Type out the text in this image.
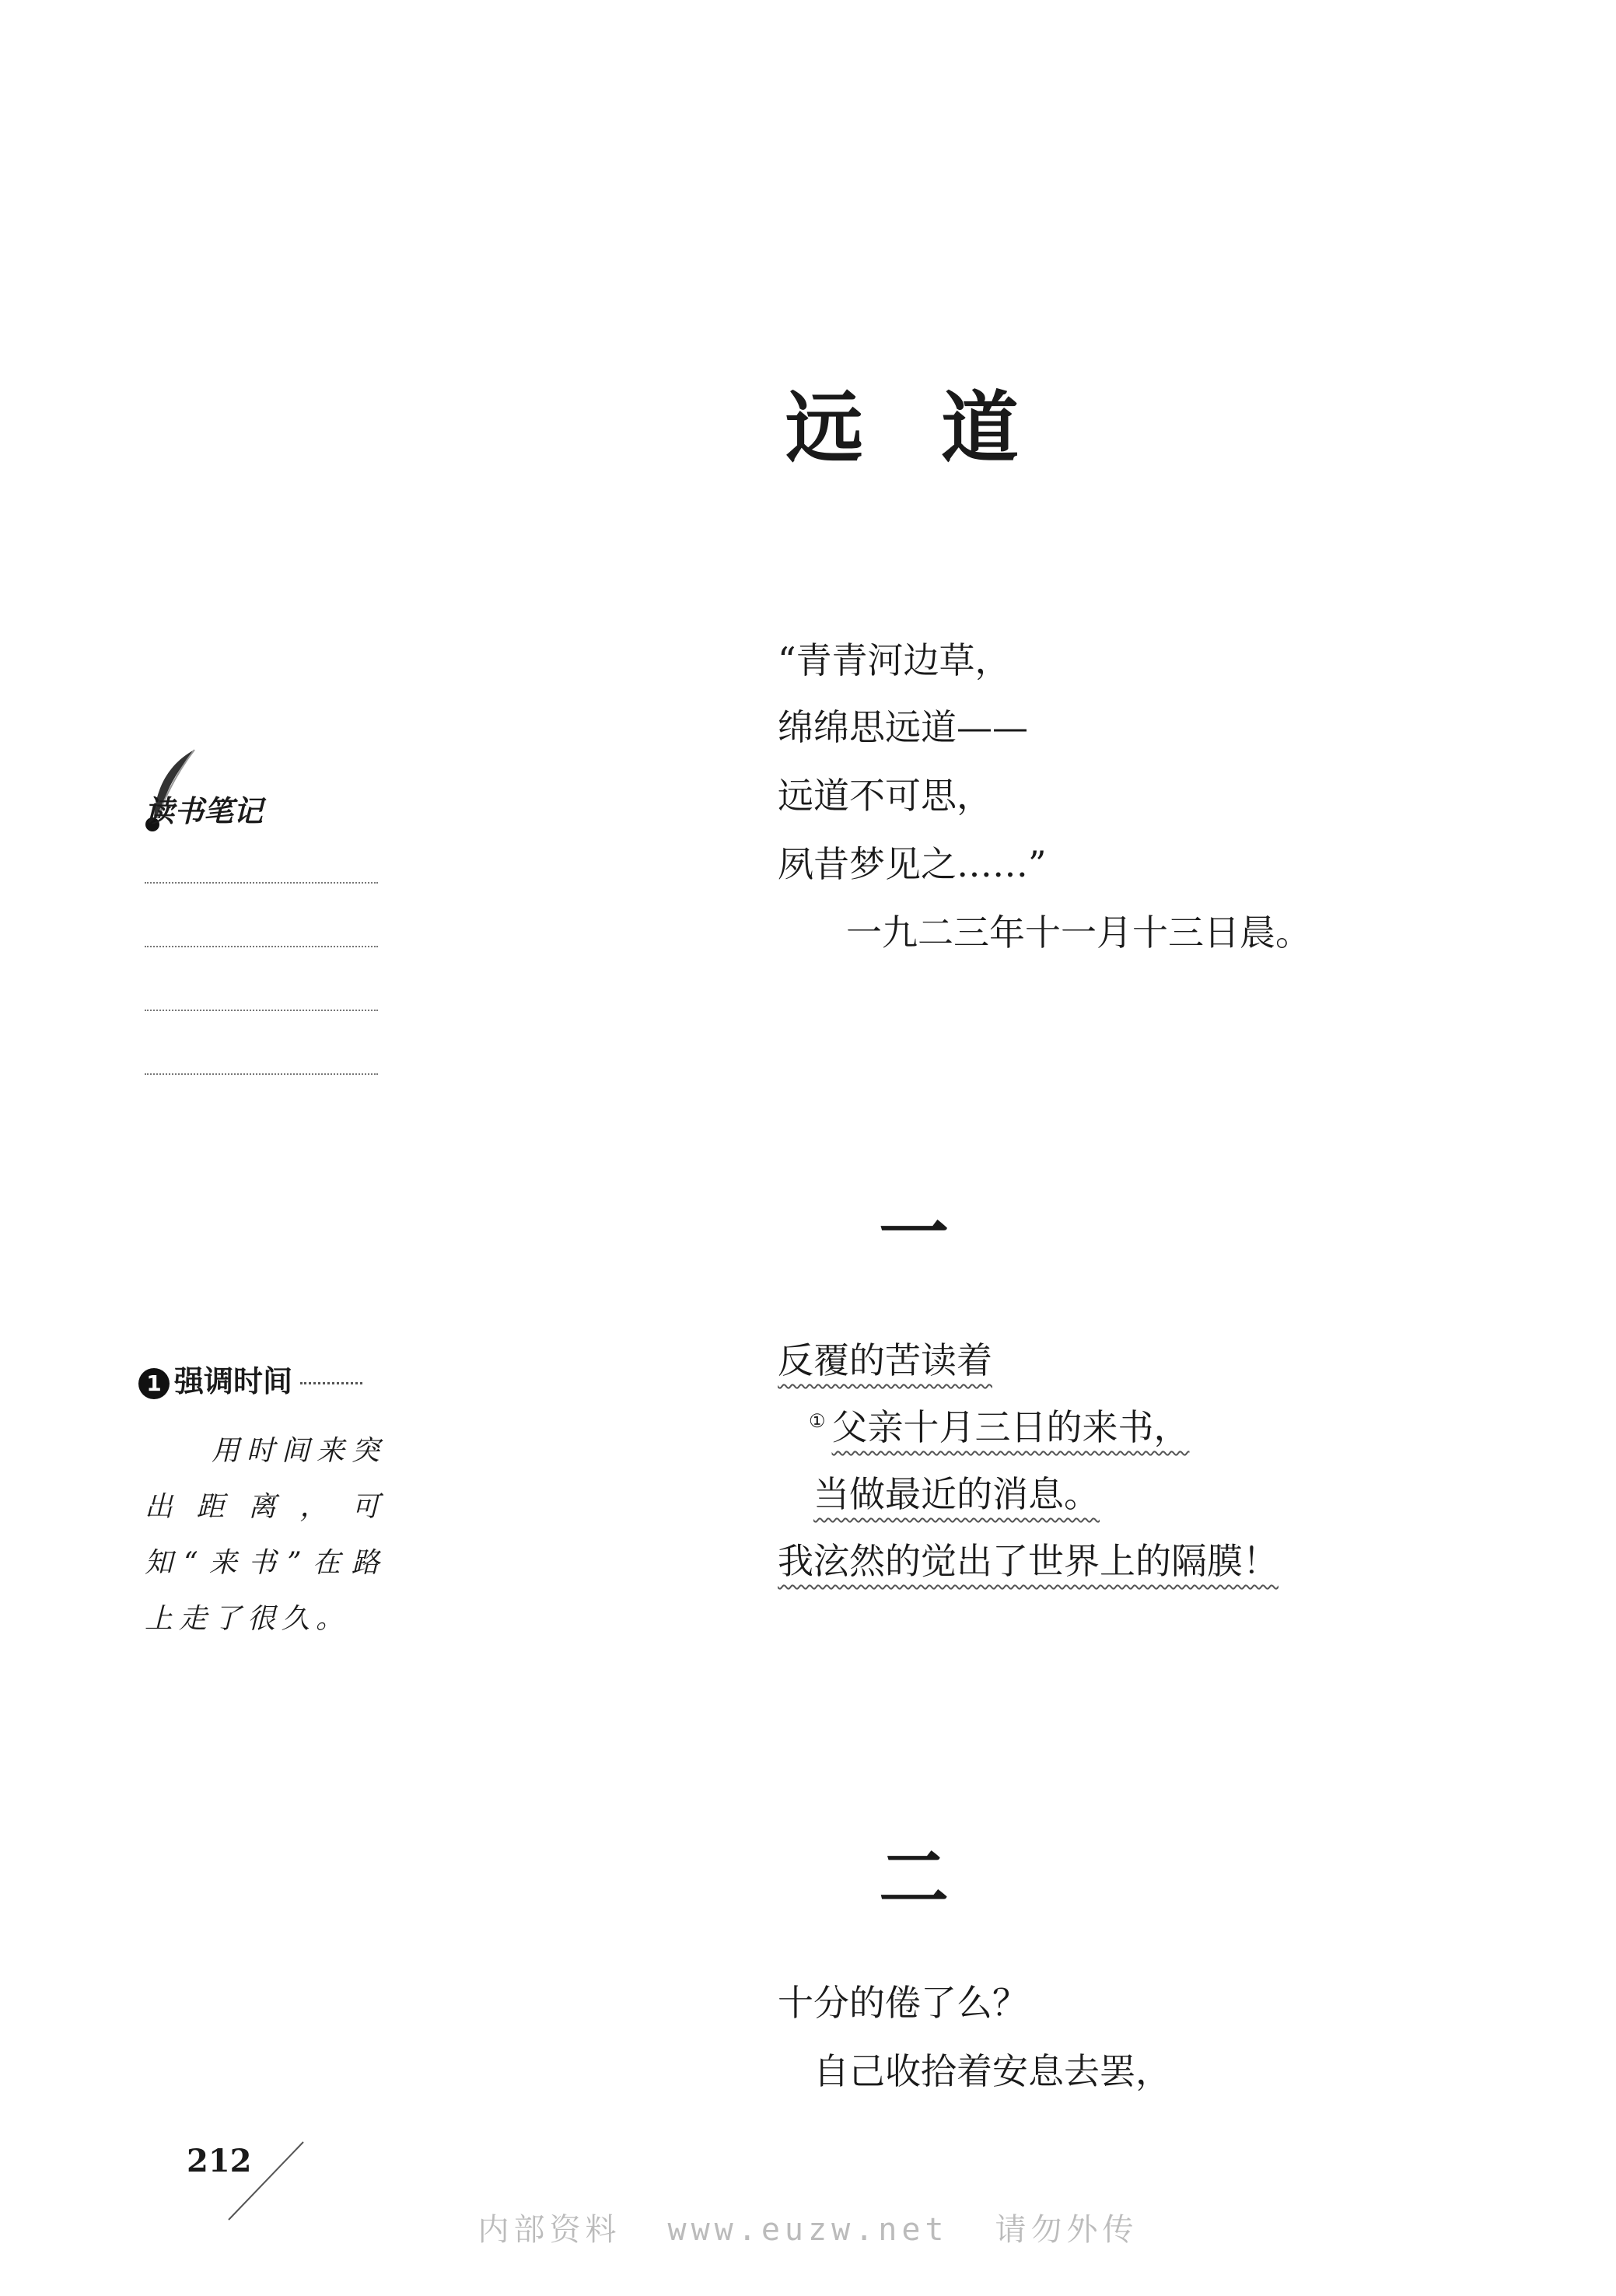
远道

“青青河边草，

绵绵思远道——

远道不可思，

夙昔梦见之……”

一九二三年十一月十三日晨。

读书笔记

一

反覆的苦读着

① 父亲十月三日的来书，

当做最近的消息。

我泫然的觉出了世界上的隔膜！

1 强调时间

用时间来突出距离，可知“来书”在路上走了很久。

二

十分的倦了么？

自己收拾着安息去罢，

212

内部资料 www.euzw.net 请勿外传
